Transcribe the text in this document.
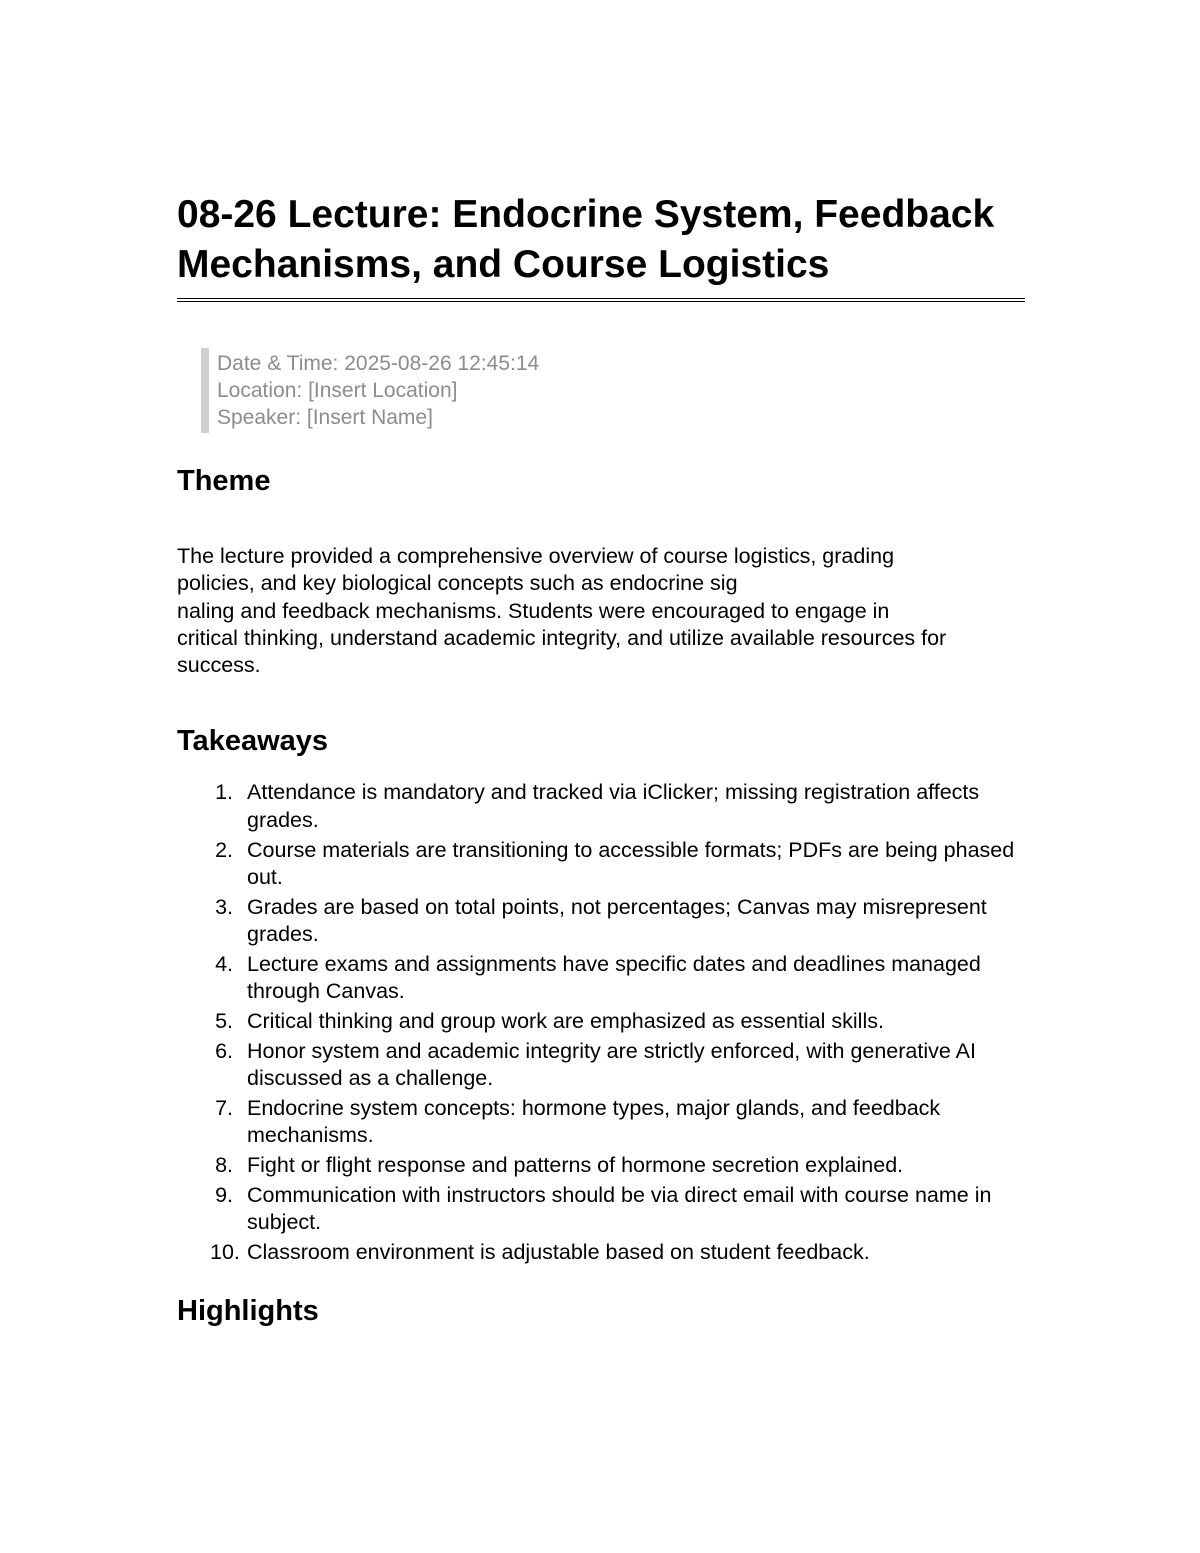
08-26 Lecture: Endocrine System, Feedback Mechanisms, and Course Logistics
Date & Time: 2025-08-26 12:45:14
Location: [Insert Location]
Speaker: [Insert Name]
Theme
The lecture provided a comprehensive overview of course logistics, grading
policies, and key biological concepts such as endocrine sig
naling and feedback mechanisms. Students were encouraged to engage in
critical thinking, understand academic integrity, and utilize available resources for
success.
Takeaways
1. Attendance is mandatory and tracked via iClicker; missing registration affects grades.
2. Course materials are transitioning to accessible formats; PDFs are being phased out.
3. Grades are based on total points, not percentages; Canvas may misrepresent grades.
4. Lecture exams and assignments have specific dates and deadlines managed through Canvas.
5. Critical thinking and group work are emphasized as essential skills.
6. Honor system and academic integrity are strictly enforced, with generative AI discussed as a challenge.
7. Endocrine system concepts: hormone types, major glands, and feedback mechanisms.
8. Fight or flight response and patterns of hormone secretion explained.
9. Communication with instructors should be via direct email with course name in subject.
10. Classroom environment is adjustable based on student feedback.
Highlights
